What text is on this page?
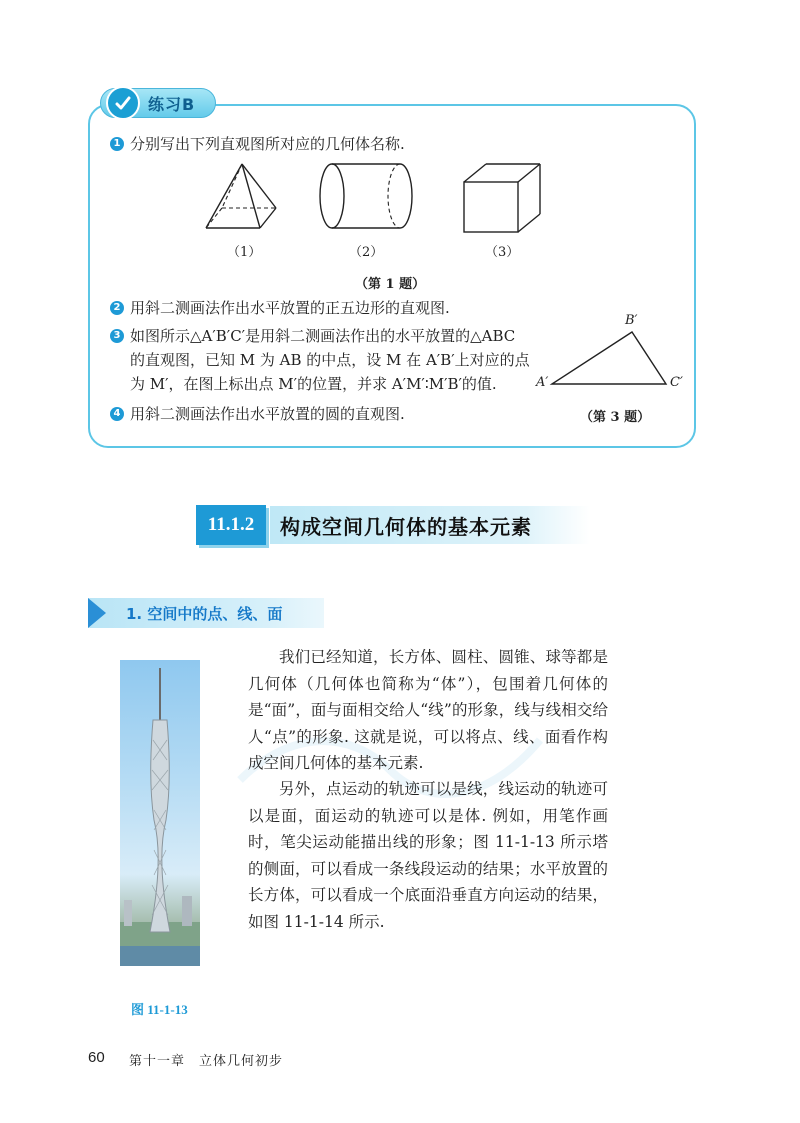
练习B
1 分别写出下列直观图所对应的几何体名称.
（1）	（2）	（3）
（第 1 题）
2 用斜二测画法作出水平放置的正五边形的直观图.
3 如图所示△A′B′C′是用斜二测画法作出的水平放置的△ABC
的直观图，已知 M 为 AB 的中点，设 M 在 A′B′上对应的点
为 M′，在图上标出点 M′的位置，并求 A′M′∶M′B′的值.
B′
A′	C′
（第 3 题）
4 用斜二测画法作出水平放置的圆的直观图.
11.1.2	构成空间几何体的基本元素
1. 空间中的点、线、面
图 11-1-13
我们已经知道，长方体、圆柱、圆锥、球等都是几何体（几何体也简称为“体”），包围着几何体的是“面”，面与面相交给人“线”的形象，线与线相交给人“点”的形象. 这就是说，可以将点、线、面看作构成空间几何体的基本元素.
另外，点运动的轨迹可以是线，线运动的轨迹可以是面，面运动的轨迹可以是体. 例如，用笔作画时，笔尖运动能描出线的形象；图 11-1-13 所示塔的侧面，可以看成一条线段运动的结果；水平放置的长方体，可以看成一个底面沿垂直方向运动的结果，如图 11-1-14 所示.
60 第十一章　立体几何初步
